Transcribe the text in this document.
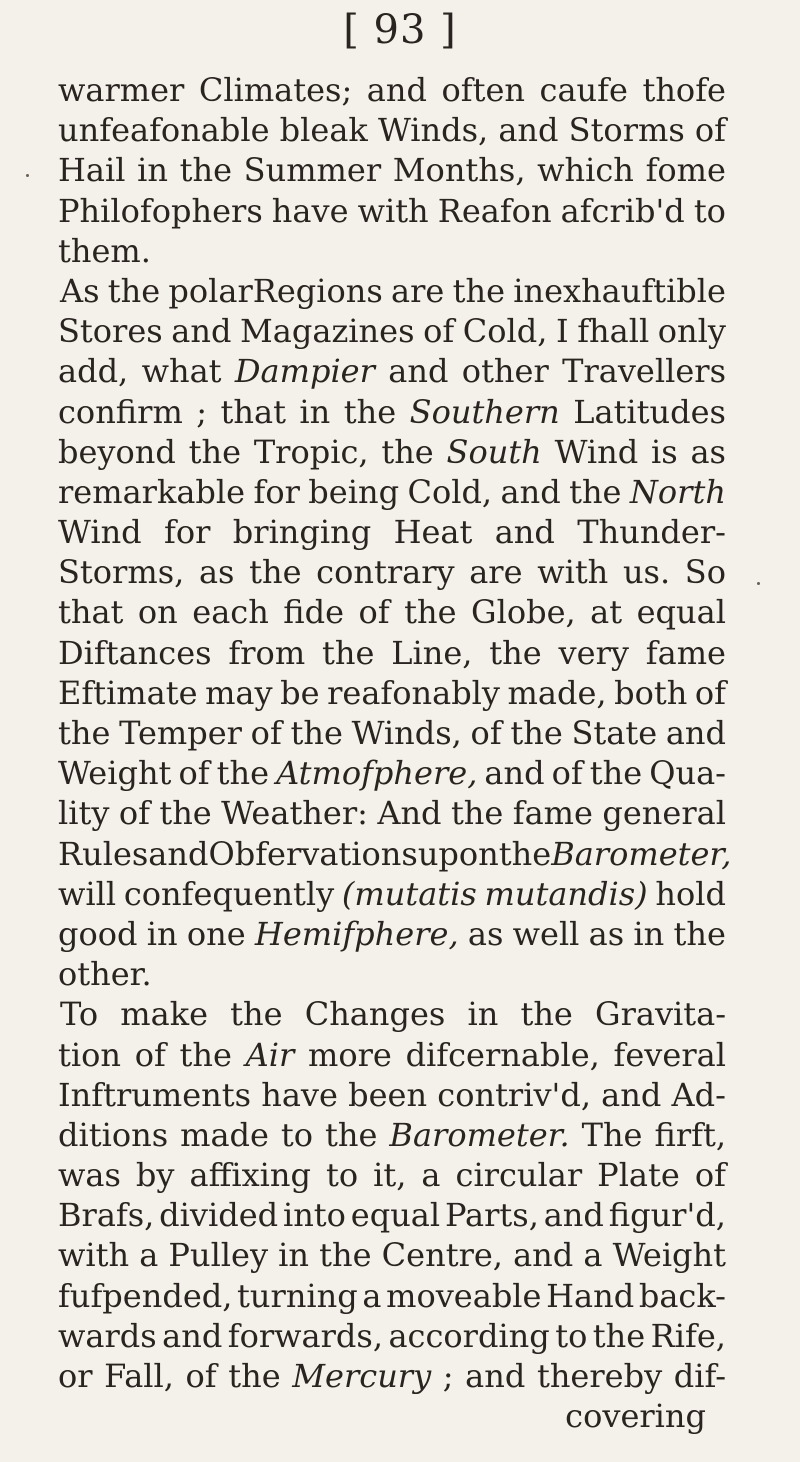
[ 93 ]
warmer Climates; and often caufe thofe
unfeafonable bleak Winds, and Storms of
Hail in the Summer Months, which fome
Philofophers have with Reafon afcrib'd to
them.
As the polarRegions are the inexhauftible
Stores and Magazines of Cold, I fhall only
add, what Dampier and other Travellers
confirm ; that in the Southern Latitudes
beyond the Tropic, the South Wind is as
remarkable for being Cold, and the North
Wind for bringing Heat and Thunder-
Storms, as the contrary are with us. So
that on each fide of the Globe, at equal
Diftances from the Line, the very fame
Eftimate may be reafonably made, both of
the Temper of the Winds, of the State and
Weight of the Atmofphere, and of the Qua-
lity of the Weather: And the fame general
Rules and Obfervations upon the Barometer,
will confequently (mutatis mutandis) hold
good in one Hemifphere, as well as in the
other.
To make the Changes in the Gravita-
tion of the Air more difcernable, feveral
Inftruments have been contriv'd, and Ad-
ditions made to the Barometer. The firft,
was by affixing to it, a circular Plate of
Brafs, divided into equal Parts, and figur'd,
with a Pulley in the Centre, and a Weight
fufpended, turning a moveable Hand back-
wards and forwards, according to the Rife,
or Fall, of the Mercury ; and thereby dif-
covering
